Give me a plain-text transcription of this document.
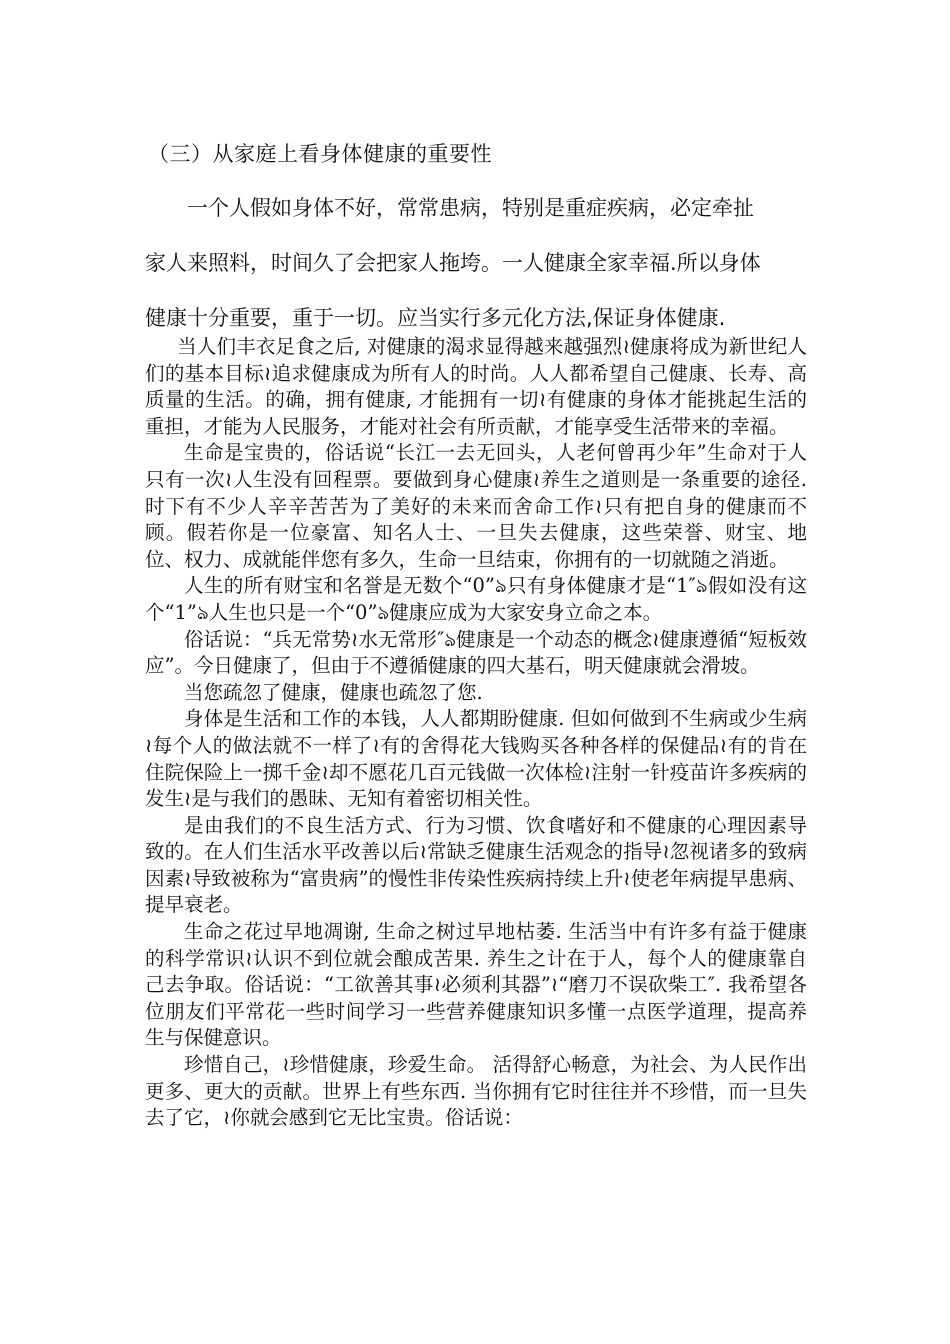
（三）从家庭上看身体健康的重要性
一个人假如身体不好，常常患病，特别是重症疾病，必定牵扯
家人来照料，时间久了会把家人拖垮。一人健康全家幸福.所以身体
健康十分重要，重于一切。应当实行多元化方法,保证身体健康.

当人们丰衣足食之后, 对健康的渴求显得越来越强烈≀健康将成为新世纪人们的基本目标≀追求健康成为所有人的时尚。人人都希望自己健康、长寿、高质量的生活。的确，拥有健康, 才能拥有一切≀有健康的身体才能挑起生活的重担，才能为人民服务，才能对社会有所贡献，才能享受生活带来的幸福。

生命是宝贵的，俗话说“长江一去无回头，人老何曾再少年”生命对于人只有一次≀人生没有回程票。要做到身心健康≀养生之道则是一条重要的途径. 时下有不少人辛辛苦苦为了美好的未来而舍命工作≀只有把自身的健康而不顾。假若你是一位豪富、知名人士、一旦失去健康，这些荣誉、财宝、地位、权力、成就能伴您有多久，生命一旦结束，你拥有的一切就随之消逝。

人生的所有财宝和名誉是无数个“0”ঌ只有身体健康才是“1″ঌ假如没有这个“1”ঌ人生也只是一个“0”ঌ健康应成为大家安身立命之本。

俗话说：“兵无常势≀水无常形″ঌ健康是一个动态的概念≀健康遵循“短板效应”。今日健康了，但由于不遵循健康的四大基石，明天健康就会滑坡。

当您疏忽了健康，健康也疏忽了您.

身体是生活和工作的本钱，人人都期盼健康. 但如何做到不生病或少生病≀每个人的做法就不一样了≀有的舍得花大钱购买各种各样的保健品≀有的肯在住院保险上一掷千金≀却不愿花几百元钱做一次体检≀注射一针疫苗许多疾病的发生≀是与我们的愚昧、无知有着密切相关性。

是由我们的不良生活方式、行为习惯、饮食嗜好和不健康的心理因素导致的。在人们生活水平改善以后≀常缺乏健康生活观念的指导≀忽视诸多的致病因素≀导致被称为“富贵病”的慢性非传染性疾病持续上升≀使老年病提早患病、提早衰老。

生命之花过早地凋谢, 生命之树过早地枯萎. 生活当中有许多有益于健康的科学常识≀认识不到位就会酿成苦果. 养生之计在于人，每个人的健康靠自己去争取。俗话说：“工欲善其事≀必须利其器”≀“磨刀不误砍柴工″. 我希望各位朋友们平常花一些时间学习一些营养健康知识多懂一点医学道理，提高养生与保健意识。

珍惜自己，≀珍惜健康，珍爱生命。 活得舒心畅意，为社会、为人民作出更多、更大的贡献。世界上有些东西. 当你拥有它时往往并不珍惜，而一旦失去了它，≀你就会感到它无比宝贵。俗话说：
